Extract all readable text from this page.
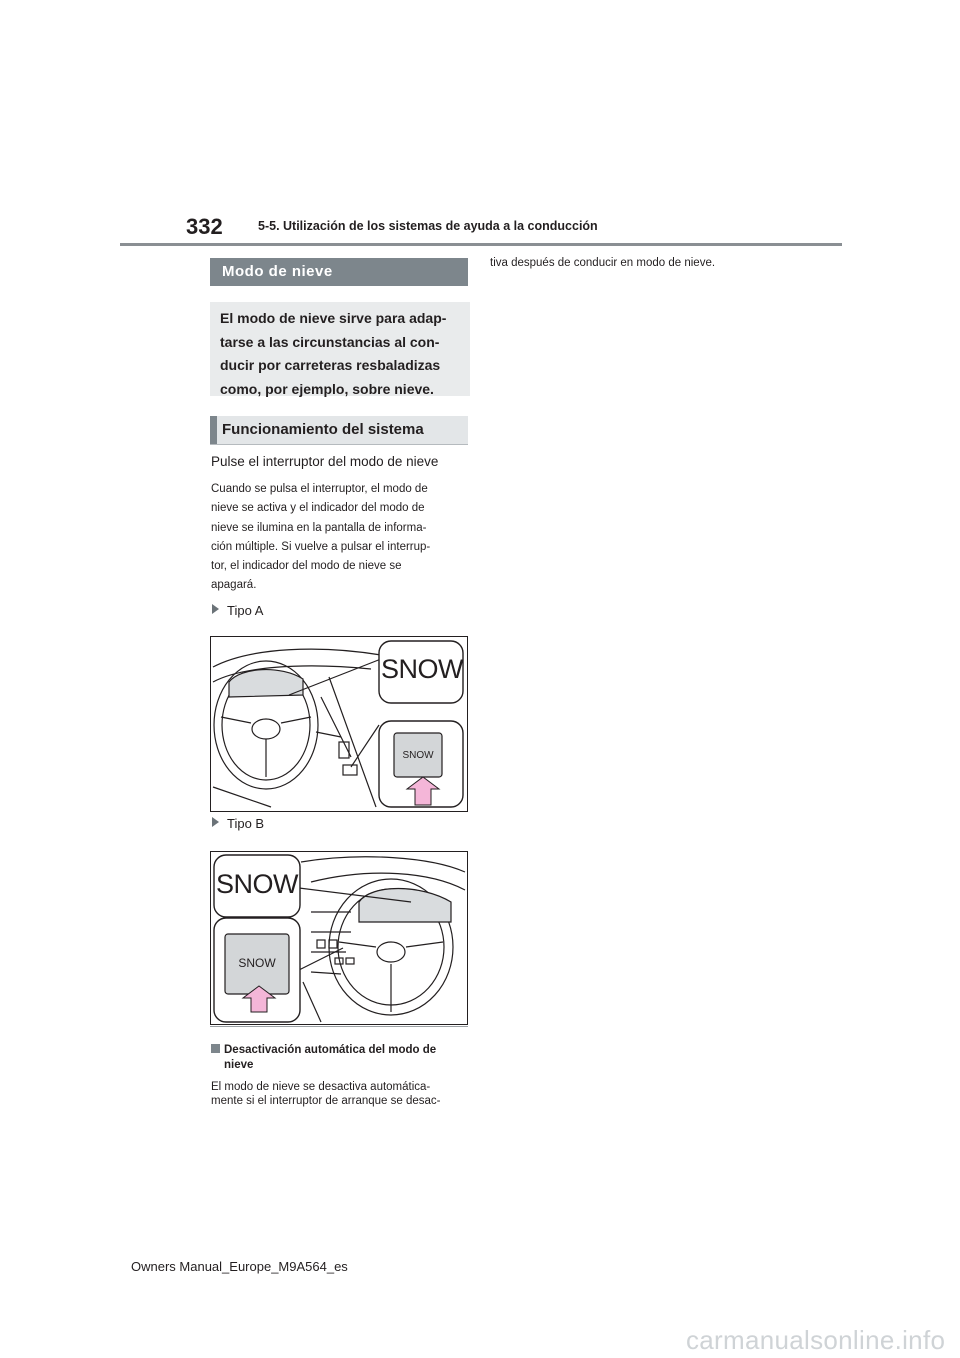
332	5-5. Utilización de los sistemas de ayuda a la conducción
Modo de nieve
El modo de nieve sirve para adap-
tarse a las circunstancias al con-
ducir por carreteras resbaladizas
como, por ejemplo, sobre nieve.
Funcionamiento del sistema
Pulse el interruptor del modo de nieve
Cuando se pulsa el interruptor, el modo de
nieve se activa y el indicador del modo de
nieve se ilumina en la pantalla de informa-
ción múltiple. Si vuelve a pulsar el interrup-
tor, el indicador del modo de nieve se
apagará.
Tipo A
SNOW
SNOW
Tipo B
SNOW
SNOW
Desactivación automática del modo de
nieve
El modo de nieve se desactiva automática-
mente si el interruptor de arranque se desac-
tiva después de conducir en modo de nieve.
Owners Manual_Europe_M9A564_es
carmanualsonline.info
